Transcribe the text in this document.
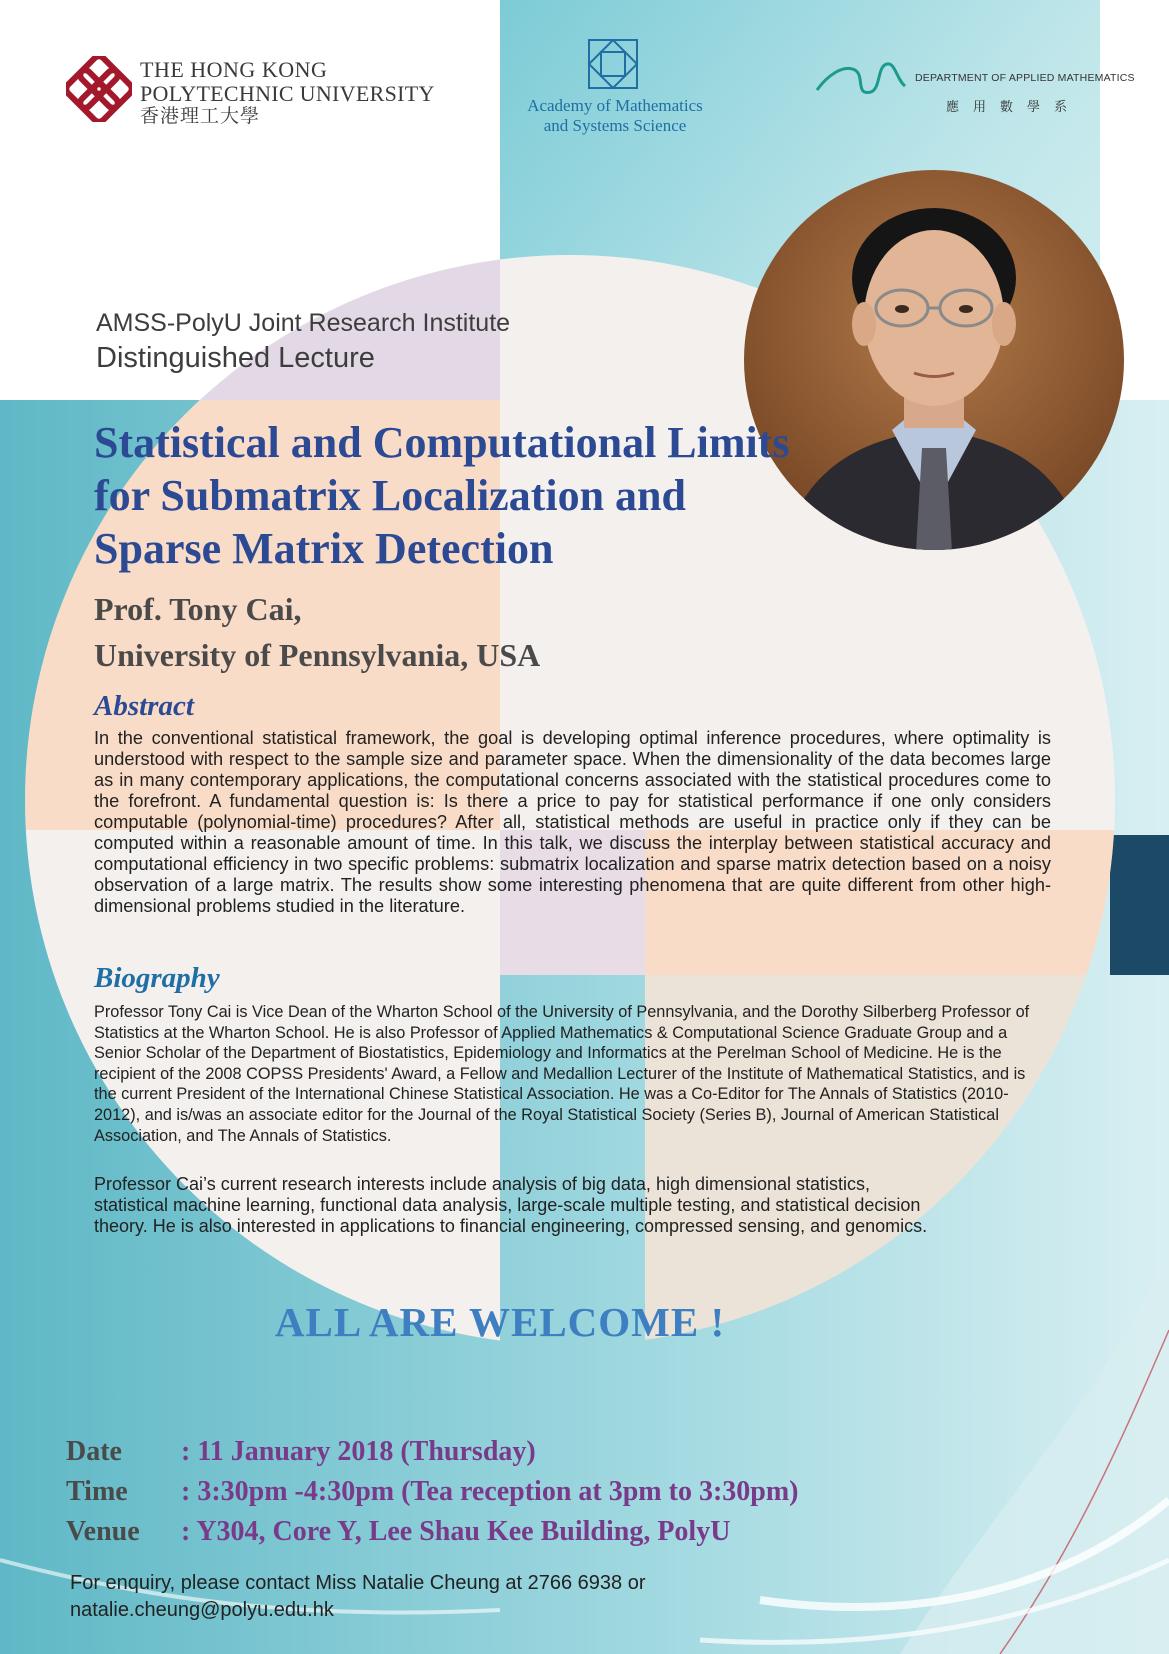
THE HONG KONG
POLYTECHNIC UNIVERSITY
香港理工大學
Academy of Mathematics
and Systems Science
DEPARTMENT OF APPLIED MATHEMATICS
應用數學系
AMSS-PolyU Joint Research Institute
Distinguished Lecture
Statistical and Computational Limits for Submatrix Localization and Sparse Matrix Detection
Prof. Tony Cai,
University of Pennsylvania, USA
Abstract

In the conventional statistical framework, the goal is developing optimal inference procedures, where optimality is understood with respect to the sample size and parameter space. When the dimensionality of the data becomes large as in many contemporary applications, the computational concerns associated with the statistical procedures come to the forefront. A fundamental question is: Is there a price to pay for statistical performance if one only considers computable (polynomial-time) procedures? After all, statistical methods are useful in practice only if they can be computed within a reasonable amount of time. In this talk, we discuss the interplay between statistical accuracy and computational efficiency in two specific problems: submatrix localization and sparse matrix detection based on a noisy observation of a large matrix. The results show some interesting phenomena that are quite different from other high-dimensional problems studied in the literature.

Biography

Professor Tony Cai is Vice Dean of the Wharton School of the University of Pennsylvania, and the Dorothy Silberberg Professor of Statistics at the Wharton School. He is also Professor of Applied Mathematics & Computational Science Graduate Group and a Senior Scholar of the Department of Biostatistics, Epidemiology and Informatics at the Perelman School of Medicine. He is the recipient of the 2008 COPSS Presidents' Award, a Fellow and Medallion Lecturer of the Institute of Mathematical Statistics, and is the current President of the International Chinese Statistical Association. He was a Co-Editor for The Annals of Statistics (2010-2012), and is/was an associate editor for the Journal of the Royal Statistical Society (Series B), Journal of American Statistical Association, and The Annals of Statistics.

Professor Cai’s current research interests include analysis of big data, high dimensional statistics, statistical machine learning, functional data analysis, large-scale multiple testing, and statistical decision theory. He is also interested in applications to financial engineering, compressed sensing, and genomics.

ALL ARE WELCOME !
Date : 11 January 2018 (Thursday)
Time : 3:30pm -4:30pm (Tea reception at 3pm to 3:30pm)
Venue : Y304, Core Y, Lee Shau Kee Building, PolyU
For enquiry, please contact Miss Natalie Cheung at 2766 6938 or
natalie.cheung@polyu.edu.hk
